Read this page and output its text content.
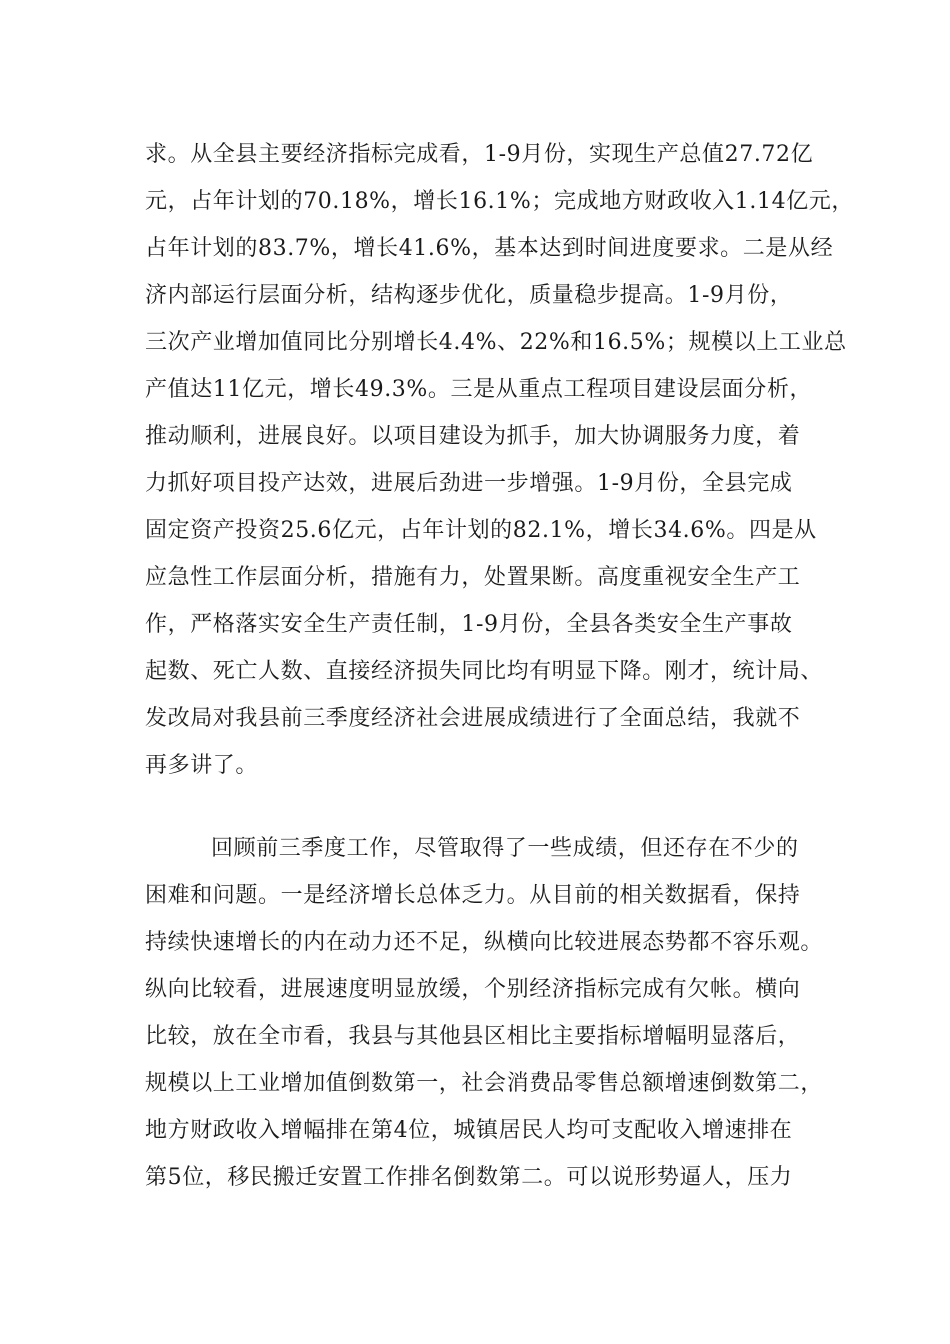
求。从全县主要经济指标完成看，1-9月份，实现生产总值27.72亿
元，占年计划的70.18%，增长16.1%；完成地方财政收入1.14亿元，
占年计划的83.7%，增长41.6%，基本达到时间进度要求。二是从经
济内部运行层面分析，结构逐步优化，质量稳步提高。1-9月份，
三次产业增加值同比分别增长4.4%、22%和16.5%；规模以上工业总
产值达11亿元，增长49.3%。三是从重点工程项目建设层面分析，
推动顺利，进展良好。以项目建设为抓手，加大协调服务力度，着
力抓好项目投产达效，进展后劲进一步增强。1-9月份，全县完成
固定资产投资25.6亿元，占年计划的82.1%，增长34.6%。四是从
应急性工作层面分析，措施有力，处置果断。高度重视安全生产工
作，严格落实安全生产责任制，1-9月份，全县各类安全生产事故
起数、死亡人数、直接经济损失同比均有明显下降。刚才，统计局、
发改局对我县前三季度经济社会进展成绩进行了全面总结，我就不
再多讲了。
回顾前三季度工作，尽管取得了一些成绩，但还存在不少的
困难和问题。一是经济增长总体乏力。从目前的相关数据看，保持
持续快速增长的内在动力还不足，纵横向比较进展态势都不容乐观。
纵向比较看，进展速度明显放缓，个别经济指标完成有欠帐。横向
比较，放在全市看，我县与其他县区相比主要指标增幅明显落后，
规模以上工业增加值倒数第一，社会消费品零售总额增速倒数第二，
地方财政收入增幅排在第4位，城镇居民人均可支配收入增速排在
第5位，移民搬迁安置工作排名倒数第二。可以说形势逼人，压力
